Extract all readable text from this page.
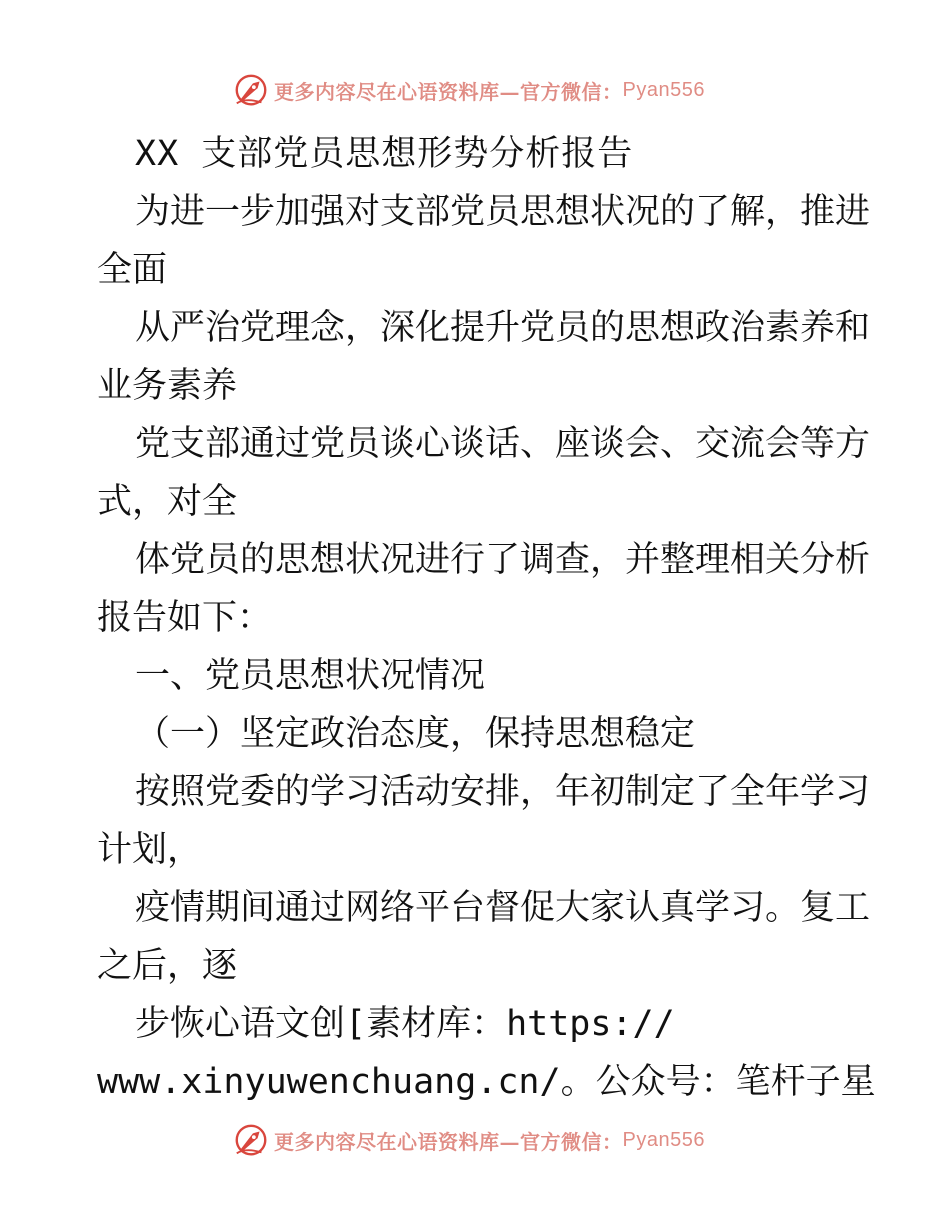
更多内容尽在心语资料库—官方微信： Pyan556
XX 支部党员思想形势分析报告
为进一步加强对支部党员思想状况的了解，推进
全面
从严治党理念，深化提升党员的思想政治素养和
业务素养
党支部通过党员谈心谈话、座谈会、交流会等方
式，对全
体党员的思想状况进行了调查，并整理相关分析
报告如下：
一、党员思想状况情况
（一）坚定政治态度，保持思想稳定
按照党委的学习活动安排，年初制定了全年学习
计划，
疫情期间通过网络平台督促大家认真学习。复工
之后，逐
步恢心语文创[素材库：https://
www.xinyuwenchuang.cn/。公众号：笔杆子星
更多内容尽在心语资料库—官方微信： Pyan556
